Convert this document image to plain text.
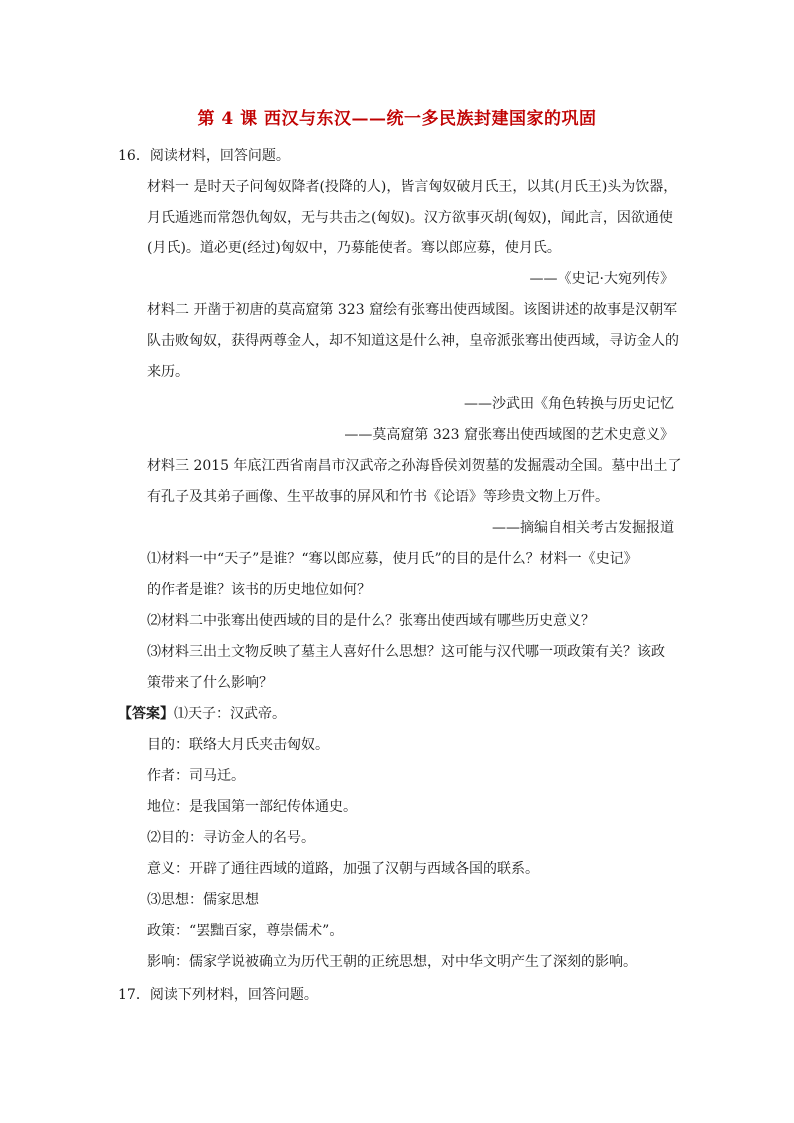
第 4 课 西汉与东汉——统一多民族封建国家的巩固
16．阅读材料，回答问题。
材料一 是时天子问匈奴降者(投降的人)，皆言匈奴破月氏王，以其(月氏王)头为饮器，
月氏遁逃而常怨仇匈奴，无与共击之(匈奴)。汉方欲事灭胡(匈奴)，闻此言，因欲通使
(月氏)。道必更(经过)匈奴中，乃募能使者。骞以郎应募，使月氏。
——《史记·大宛列传》
材料二 开凿于初唐的莫高窟第 323 窟绘有张骞出使西域图。该图讲述的故事是汉朝军
队击败匈奴，获得两尊金人，却不知道这是什么神，皇帝派张骞出使西域，寻访金人的
来历。
——沙武田《角色转换与历史记忆
——莫高窟第 323 窟张骞出使西域图的艺术史意义》
材料三 2015 年底江西省南昌市汉武帝之孙海昏侯刘贺墓的发掘震动全国。墓中出土了
有孔子及其弟子画像、生平故事的屏风和竹书《论语》等珍贵文物上万件。
——摘编自相关考古发掘报道
⑴材料一中“天子”是谁？“骞以郎应募，使月氏”的目的是什么？材料一《史记》
的作者是谁？该书的历史地位如何？
⑵材料二中张骞出使西域的目的是什么？张骞出使西域有哪些历史意义？
⑶材料三出土文物反映了墓主人喜好什么思想？这可能与汉代哪一项政策有关？该政
策带来了什么影响？
【答案】⑴天子：汉武帝。
目的：联络大月氏夹击匈奴。
作者：司马迁。
地位：是我国第一部纪传体通史。
⑵目的：寻访金人的名号。
意义：开辟了通往西域的道路，加强了汉朝与西域各国的联系。
⑶思想：儒家思想
政策：“罢黜百家，尊崇儒术”。
影响：儒家学说被确立为历代王朝的正统思想，对中华文明产生了深刻的影响。
17．阅读下列材料，回答问题。
